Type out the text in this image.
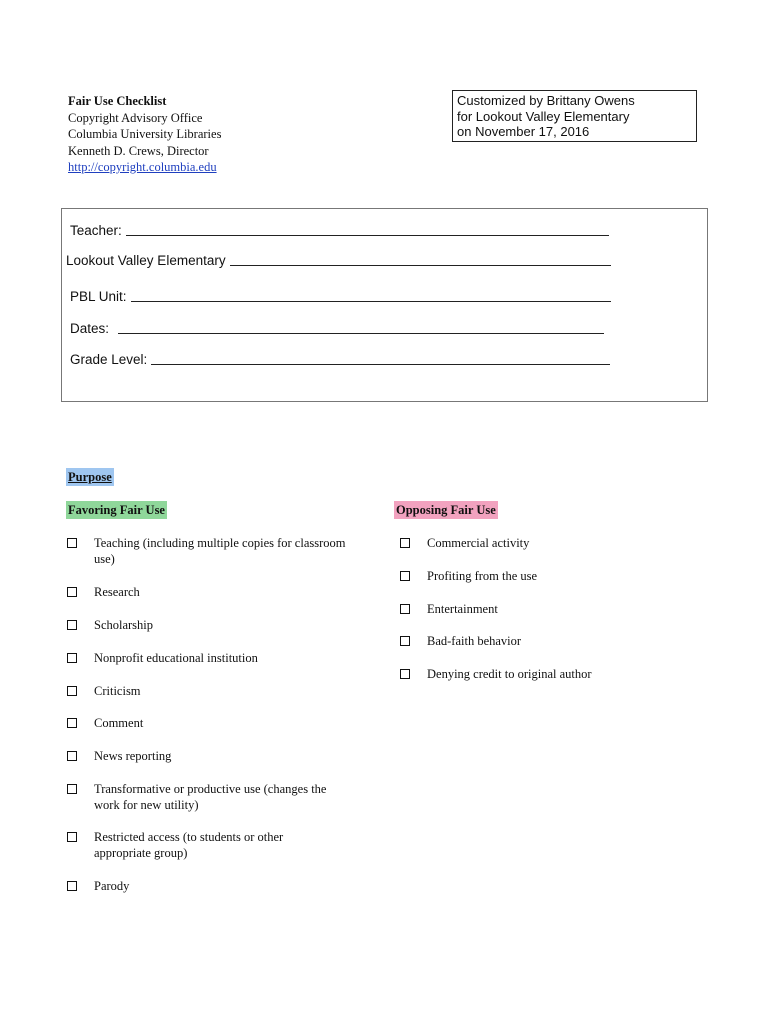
Fair Use Checklist
Copyright Advisory Office
Columbia University Libraries
Kenneth D. Crews, Director
http://copyright.columbia.edu
Customized by Brittany Owens
for Lookout Valley Elementary
on November 17, 2016
Teacher:
Lookout Valley Elementary
PBL Unit:
Dates:
Grade Level:
Purpose
Favoring Fair Use	Opposing Fair Use
Teaching (including multiple copies for classroom use)
Research
Scholarship
Nonprofit educational institution
Criticism
Comment
News reporting
Transformative or productive use (changes the work for new utility)
Restricted access (to students or other appropriate group)
Parody
Commercial activity
Profiting from the use
Entertainment
Bad-faith behavior
Denying credit to original author
